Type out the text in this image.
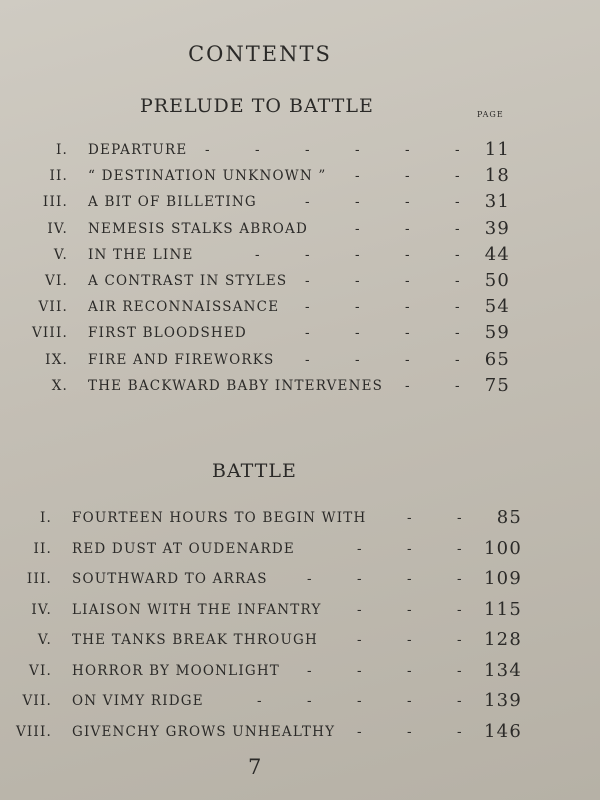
CONTENTS
PRELUDE TO BATTLE	PAGE
I. DEPARTURE	11
-	-	-	-	-	-
II. “ DESTINATION UNKNOWN ”	18
-	-	-
III. A BIT OF BILLETING	31
-	-	-	-
IV. NEMESIS STALKS ABROAD	39
-	-	-
V. IN THE LINE	44
-	-	-	-	-
VI. A CONTRAST IN STYLES	50
-	-	-	-
VII. AIR RECONNAISSANCE	54
-	-	-	-
VIII. FIRST BLOODSHED	59
-	-	-	-
IX. FIRE AND FIREWORKS	65
-	-	-	-
X. THE BACKWARD BABY INTERVENES	75
-	-
BATTLE
I. FOURTEEN HOURS TO BEGIN WITH	85
-	-
II. RED DUST AT OUDENARDE	100
-	-	-
III. SOUTHWARD TO ARRAS	109
-	-	-	-
IV. LIAISON WITH THE INFANTRY	115
-	-	-
V. THE TANKS BREAK THROUGH	128
-	-	-
VI. HORROR BY MOONLIGHT	134
-	-	-	-
VII. ON VIMY RIDGE	139
-	-	-	-	-
VIII. GIVENCHY GROWS UNHEALTHY	146
-	-	-
7
